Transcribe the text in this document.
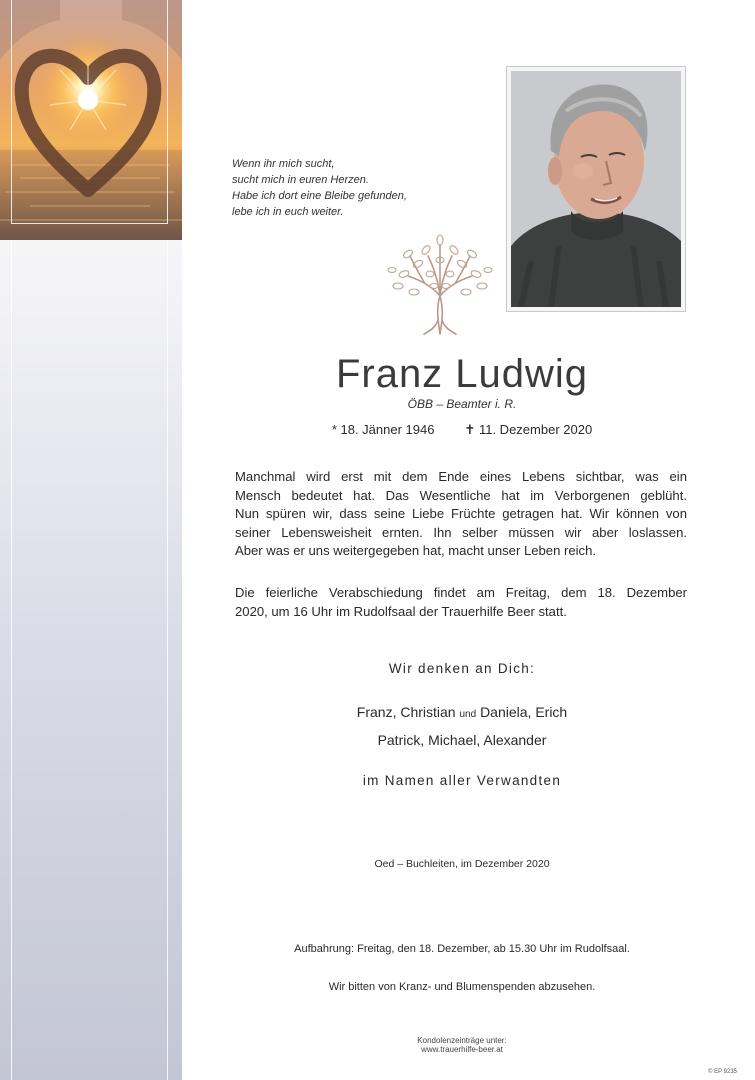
Wenn ihr mich sucht,
sucht mich in euren Herzen.
Habe ich dort eine Bleibe gefunden,
lebe ich in euch weiter.
Franz Ludwig
ÖBB – Beamter i. R.
* 18. Jänner 1946 ✝ 11. Dezember 2020
Manchmal wird erst mit dem Ende eines Lebens sichtbar, was ein
Mensch bedeutet hat. Das Wesentliche hat im Verborgenen geblüht.
Nun spüren wir, dass seine Liebe Früchte getragen hat. Wir können von
seiner Lebensweisheit ernten. Ihn selber müssen wir aber loslassen.
Aber was er uns weitergegeben hat, macht unser Leben reich.
Die feierliche Verabschiedung findet am Freitag, dem 18. Dezember
2020, um 16 Uhr im Rudolfsaal der Trauerhilfe Beer statt.
Wir denken an Dich:
Franz, Christian und Daniela, Erich
Patrick, Michael, Alexander
im Namen aller Verwandten
Oed – Buchleiten, im Dezember 2020
Aufbahrung: Freitag, den 18. Dezember, ab 15.30 Uhr im Rudolfsaal.
Wir bitten von Kranz- und Blumenspenden abzusehen.
Kondolenzeinträge unter:
www.trauerhilfe-beer.at
© EP 9235
